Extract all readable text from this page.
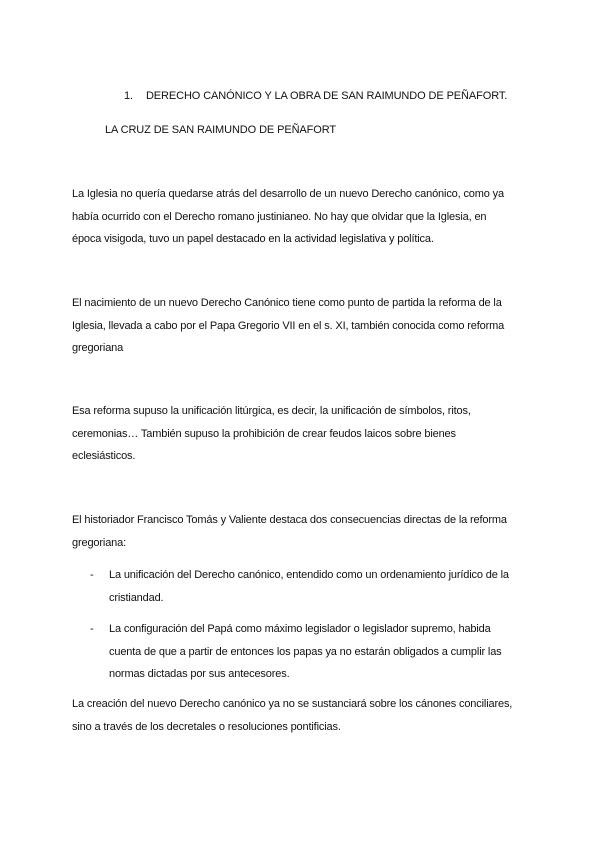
1. DERECHO CANÓNICO Y LA OBRA DE SAN RAIMUNDO DE PEÑAFORT.
LA CRUZ DE SAN RAIMUNDO DE PEÑAFORT
La Iglesia no quería quedarse atrás del desarrollo de un nuevo Derecho canónico, como ya
había ocurrido con el Derecho romano justinianeo. No hay que olvidar que la Iglesia, en
época visigoda, tuvo un papel destacado en la actividad legislativa y política.
El nacimiento de un nuevo Derecho Canónico tiene como punto de partida la reforma de la
Iglesia, llevada a cabo por el Papa Gregorio VII en el s. XI, también conocida como reforma
gregoriana
Esa reforma supuso la unificación litúrgica, es decir, la unificación de símbolos, ritos,
ceremonias… También supuso la prohibición de crear feudos laicos sobre bienes
eclesiásticos.
El historiador Francisco Tomás y Valiente destaca dos consecuencias directas de la reforma
gregoriana:
- La unificación del Derecho canónico, entendido como un ordenamiento jurídico de la
cristiandad.
- La configuración del Papá como máximo legislador o legislador supremo, habida
cuenta de que a partir de entonces los papas ya no estarán obligados a cumplir las
normas dictadas por sus antecesores.
La creación del nuevo Derecho canónico ya no se sustanciará sobre los cánones conciliares,
sino a través de los decretales o resoluciones pontificias.
